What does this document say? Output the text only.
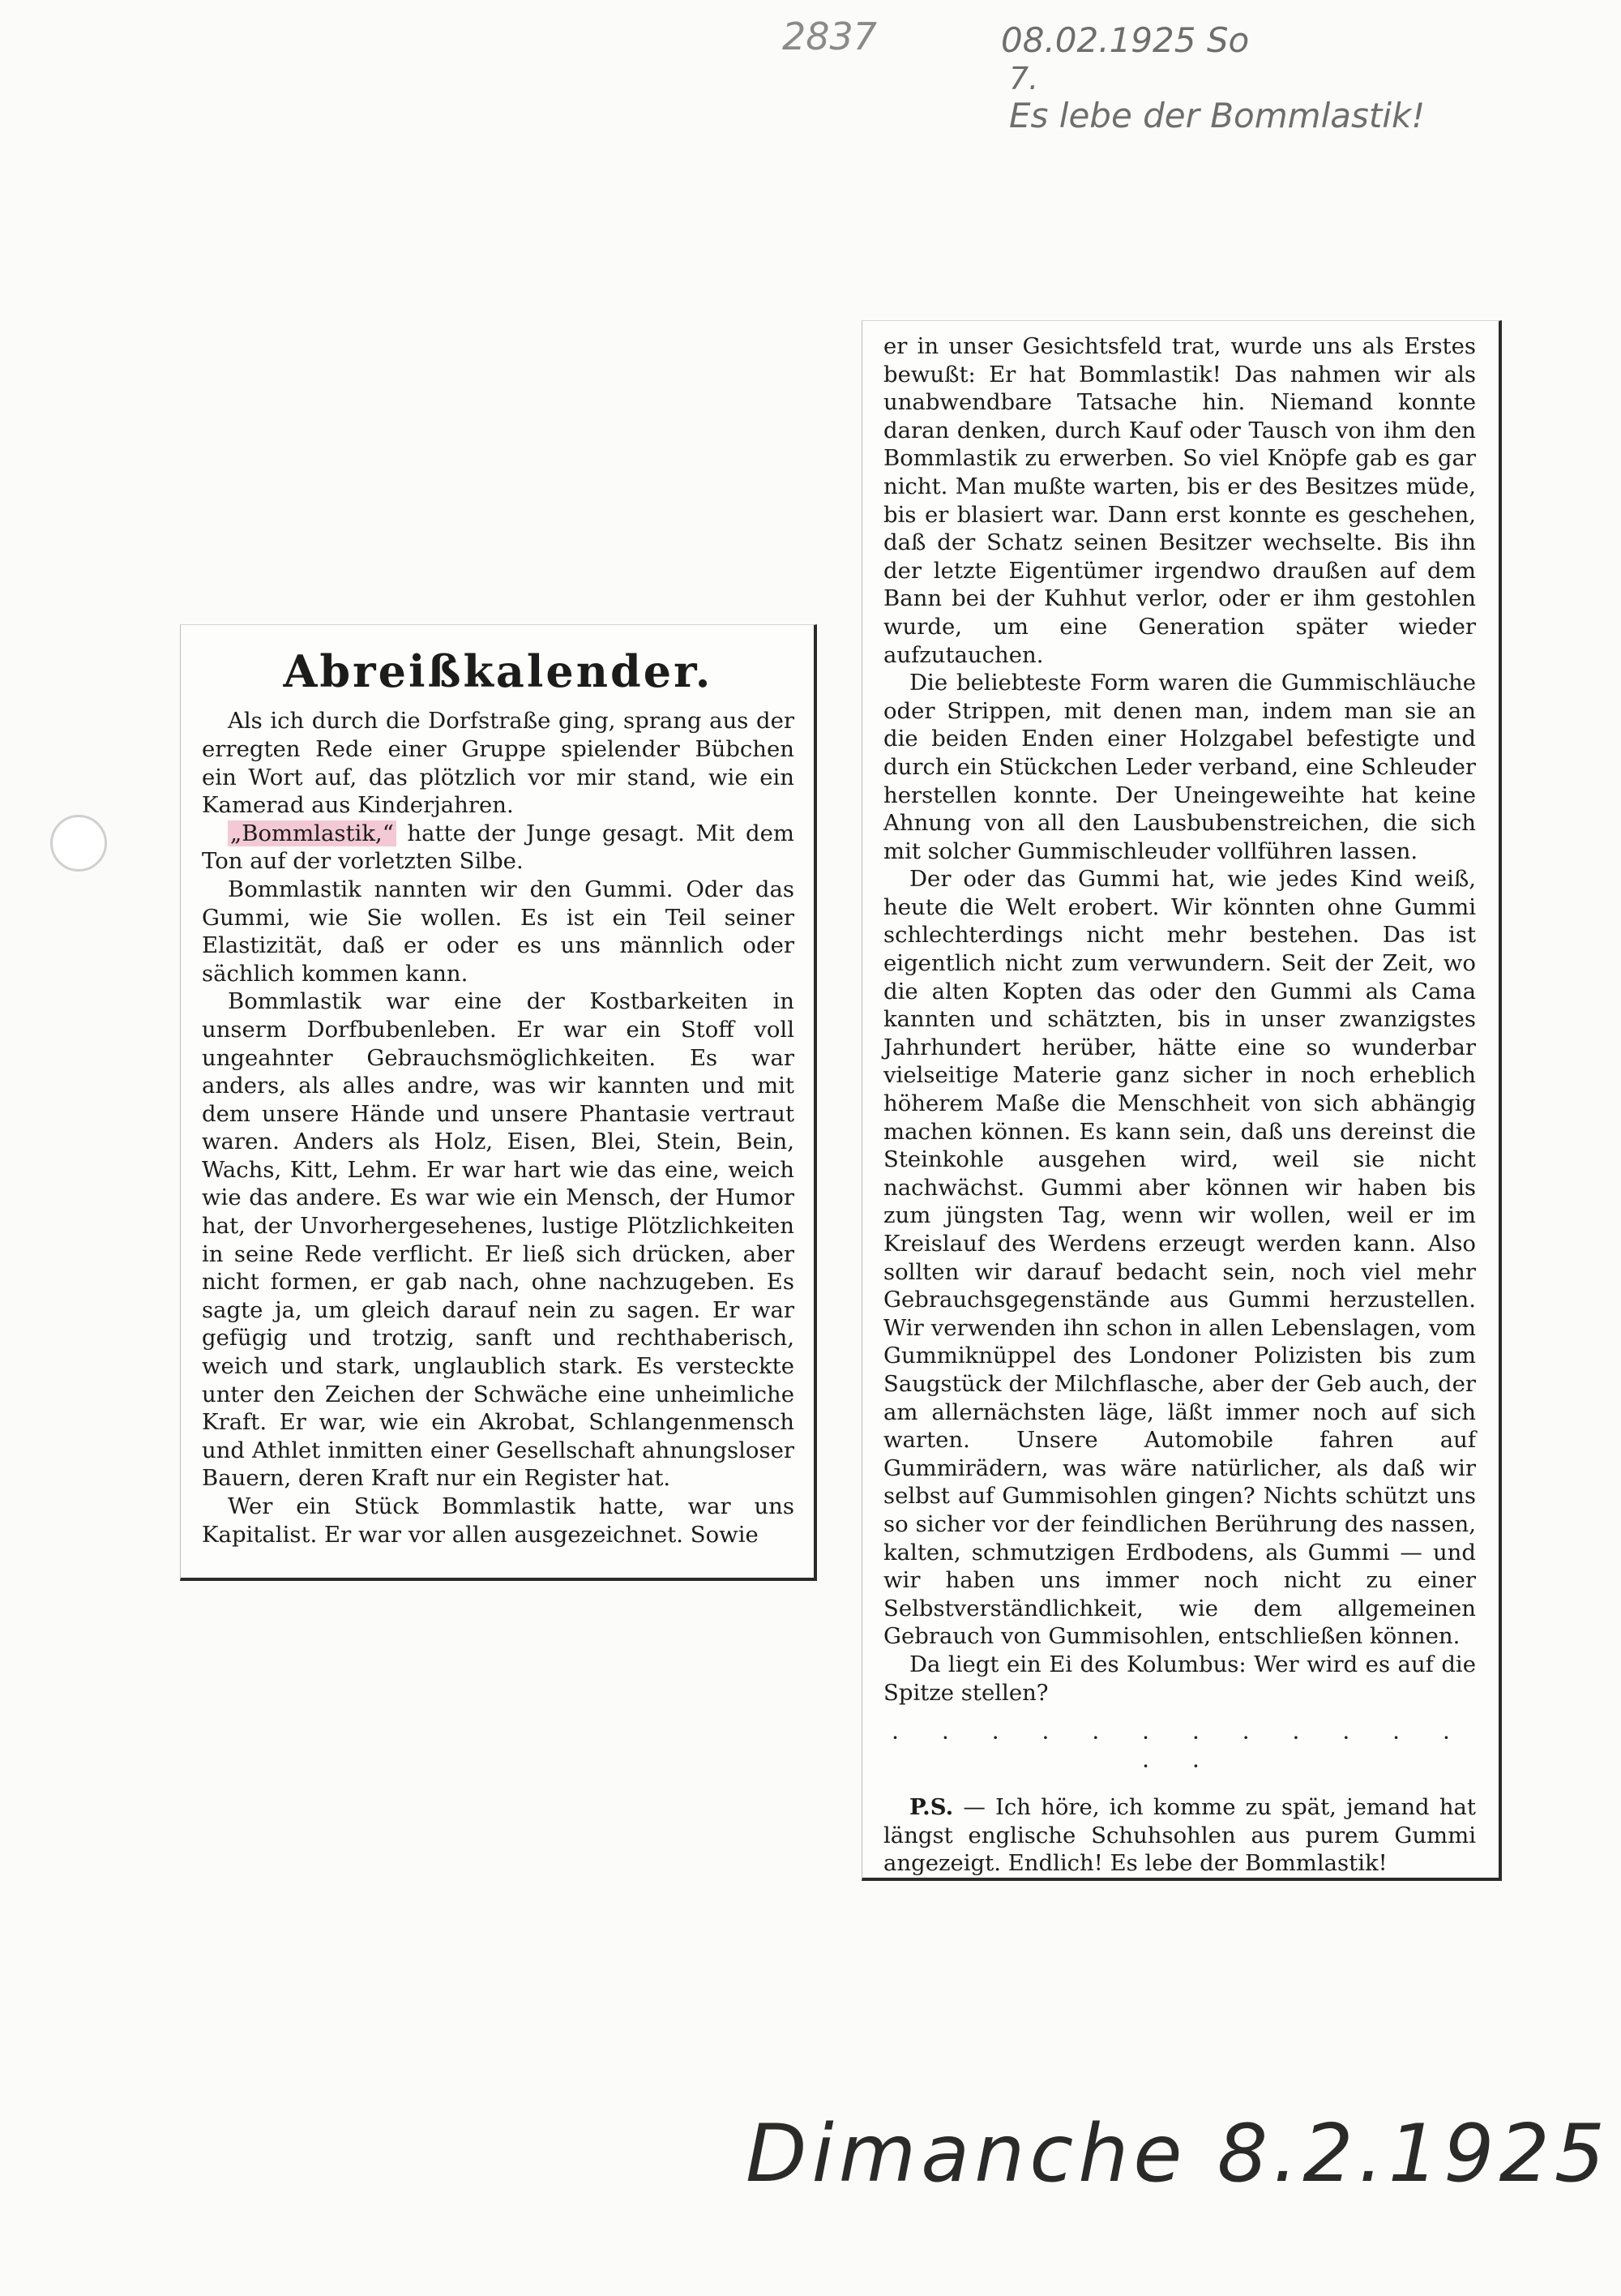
2837	08.02.1925 So
7.
Es lebe der Bommlastik!
Abreißkalender.

Als ich durch die Dorfstraße ging, sprang aus der erregten Rede einer Gruppe spielender Bübchen ein Wort auf, das plötzlich vor mir stand, wie ein Kamerad aus Kinderjahren.

„Bommlastik,“ hatte der Junge gesagt. Mit dem Ton auf der vorletzten Silbe.

Bommlastik nannten wir den Gummi. Oder das Gummi, wie Sie wollen. Es ist ein Teil seiner Elastizität, daß er oder es uns männlich oder sächlich kommen kann.

Bommlastik war eine der Kostbarkeiten in unserm Dorfbubenleben. Er war ein Stoff voll ungeahnter Gebrauchsmöglichkeiten. Es war anders, als alles andre, was wir kannten und mit dem unsere Hände und unsere Phantasie vertraut waren. Anders als Holz, Eisen, Blei, Stein, Bein, Wachs, Kitt, Lehm. Er war hart wie das eine, weich wie das andere. Es war wie ein Mensch, der Humor hat, der Unvorhergesehenes, lustige Plötzlichkeiten in seine Rede verflicht. Er ließ sich drücken, aber nicht formen, er gab nach, ohne nachzugeben. Es sagte ja, um gleich darauf nein zu sagen. Er war gefügig und trotzig, sanft und rechthaberisch, weich und stark, unglaublich stark. Es versteckte unter den Zeichen der Schwäche eine unheimliche Kraft. Er war, wie ein Akrobat, Schlangenmensch und Athlet inmitten einer Gesellschaft ahnungsloser Bauern, deren Kraft nur ein Register hat.

Wer ein Stück Bommlastik hatte, war uns Kapitalist. Er war vor allen ausgezeichnet. Sowie

er in unser Gesichtsfeld trat, wurde uns als Erstes bewußt: Er hat Bommlastik! Das nahmen wir als unabwendbare Tatsache hin. Niemand konnte daran denken, durch Kauf oder Tausch von ihm den Bommlastik zu erwerben. So viel Knöpfe gab es gar nicht. Man mußte warten, bis er des Besitzes müde, bis er blasiert war. Dann erst konnte es geschehen, daß der Schatz seinen Besitzer wechselte. Bis ihn der letzte Eigentümer irgendwo draußen auf dem Bann bei der Kuhhut verlor, oder er ihm gestohlen wurde, um eine Generation später wieder aufzutauchen.

Die beliebteste Form waren die Gummischläuche oder Strippen, mit denen man, indem man sie an die beiden Enden einer Holzgabel befestigte und durch ein Stückchen Leder verband, eine Schleuder herstellen konnte. Der Uneingeweihte hat keine Ahnung von all den Lausbubenstreichen, die sich mit solcher Gummischleuder vollführen lassen.

Der oder das Gummi hat, wie jedes Kind weiß, heute die Welt erobert. Wir könnten ohne Gummi schlechterdings nicht mehr bestehen. Das ist eigentlich nicht zum verwundern. Seit der Zeit, wo die alten Kopten das oder den Gummi als Cama kannten und schätzten, bis in unser zwanzigstes Jahrhundert herüber, hätte eine so wunderbar vielseitige Materie ganz sicher in noch erheblich höherem Maße die Menschheit von sich abhängig machen können. Es kann sein, daß uns dereinst die Steinkohle ausgehen wird, weil sie nicht nachwächst. Gummi aber können wir haben bis zum jüngsten Tag, wenn wir wollen, weil er im Kreislauf des Werdens erzeugt werden kann. Also sollten wir darauf bedacht sein, noch viel mehr Gebrauchsgegenstände aus Gummi herzustellen. Wir verwenden ihn schon in allen Lebenslagen, vom Gummiknüppel des Londoner Polizisten bis zum Saugstück der Milchflasche, aber der Geb auch, der am allernächsten läge, läßt immer noch auf sich warten. Unsere Automobile fahren auf Gummirädern, was wäre natürlicher, als daß wir selbst auf Gummisohlen gingen? Nichts schützt uns so sicher vor der feindlichen Berührung des nassen, kalten, schmutzigen Erdbodens, als Gummi — und wir haben uns immer noch nicht zu einer Selbstverständlichkeit, wie dem allgemeinen Gebrauch von Gummisohlen, entschließen können.

Da liegt ein Ei des Kolumbus: Wer wird es auf die Spitze stellen?

· · · · · · · · · · · · · ·

P.S. — Ich höre, ich komme zu spät, jemand hat längst englische Schuhsohlen aus purem Gummi angezeigt. Endlich! Es lebe der Bommlastik!

Dimanche 8.2.1925
